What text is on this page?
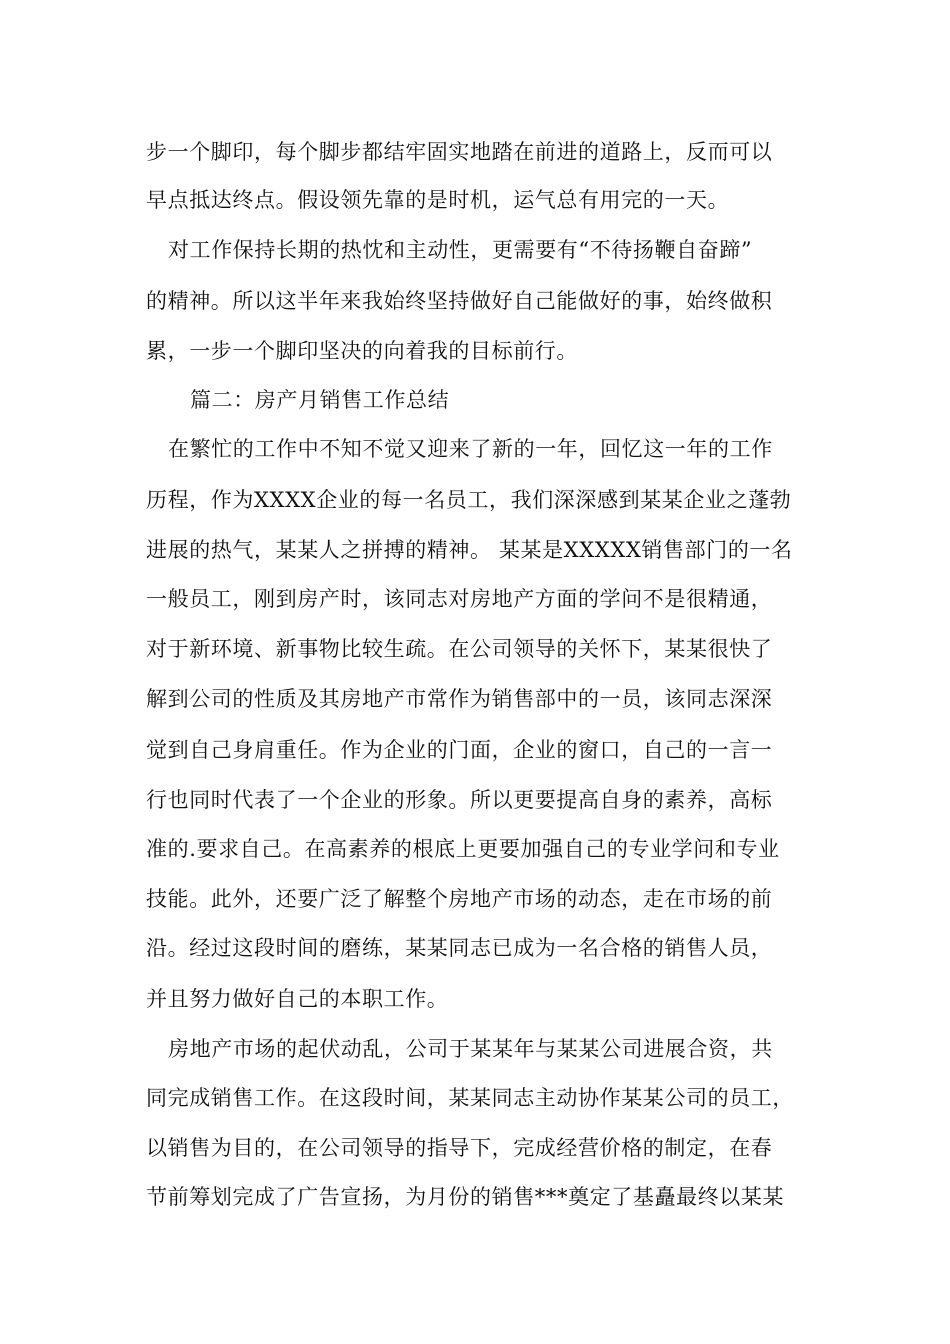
步一个脚印，每个脚步都结牢固实地踏在前进的道路上，反而可以

早点抵达终点。假设领先靠的是时机，运气总有用完的一天。

对工作保持长期的热忱和主动性，更需要有“不待扬鞭自奋蹄”

的精神。所以这半年来我始终坚持做好自己能做好的事，始终做积

累，一步一个脚印坚决的向着我的目标前行。

篇二：房产月销售工作总结

在繁忙的工作中不知不觉又迎来了新的一年，回忆这一年的工作

历程，作为XXXX企业的每一名员工，我们深深感到某某企业之蓬勃

进展的热气，某某人之拼搏的精神。 某某是XXXXX销售部门的一名

一般员工，刚到房产时，该同志对房地产方面的学问不是很精通，

对于新环境、新事物比较生疏。在公司领导的关怀下，某某很快了

解到公司的性质及其房地产市常作为销售部中的一员，该同志深深

觉到自己身肩重任。作为企业的门面，企业的窗口，自己的一言一

行也同时代表了一个企业的形象。所以更要提高自身的素养，高标

准的.要求自己。在高素养的根底上更要加强自己的专业学问和专业

技能。此外，还要广泛了解整个房地产市场的动态，走在市场的前

沿。经过这段时间的磨练，某某同志已成为一名合格的销售人员，

并且努力做好自己的本职工作。

房地产市场的起伏动乱，公司于某某年与某某公司进展合资，共

同完成销售工作。在这段时间，某某同志主动协作某某公司的员工，

以销售为目的，在公司领导的指导下，完成经营价格的制定，在春

节前筹划完成了广告宣扬，为月份的销售***奠定了基矗最终以某某
